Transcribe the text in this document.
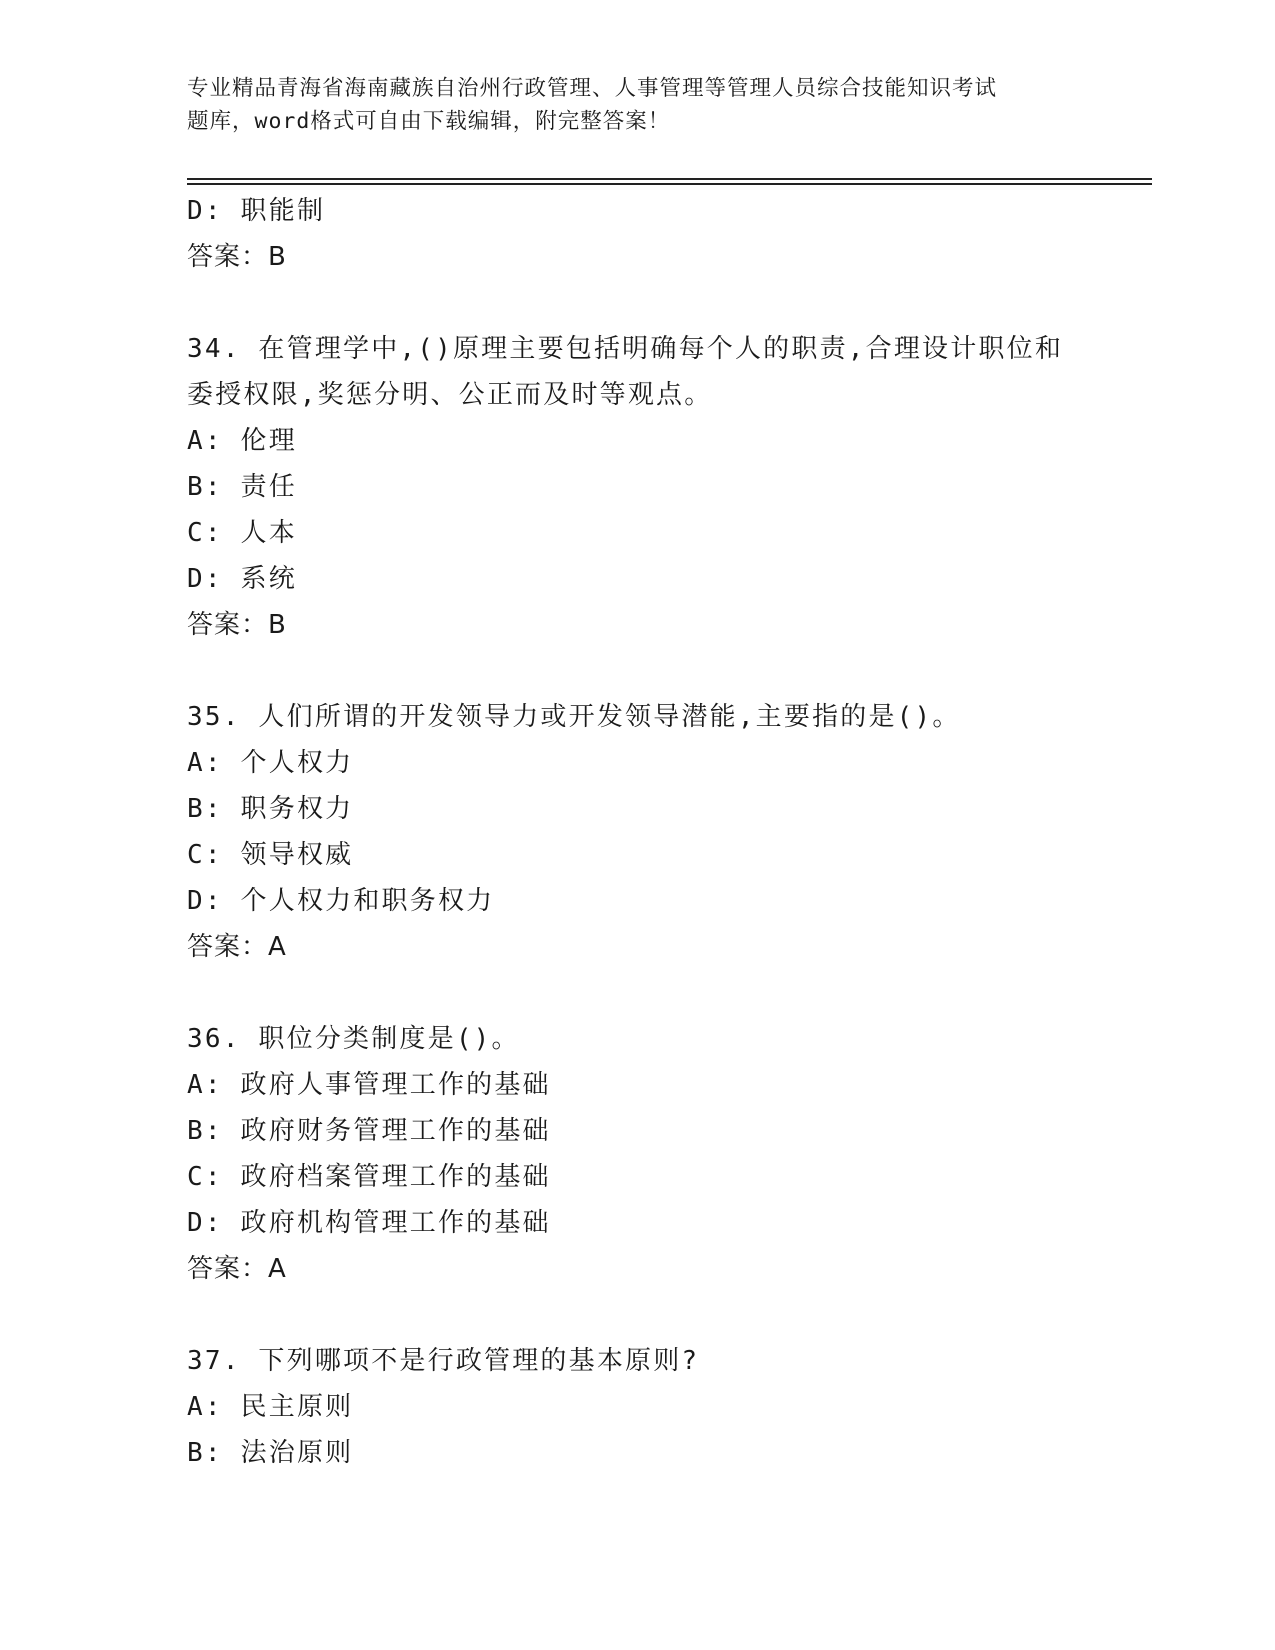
专业精品青海省海南藏族自治州行政管理、人事管理等管理人员综合技能知识考试
题库，word格式可自由下载编辑，附完整答案！
D: 职能制
答案：B
34. 在管理学中,()原理主要包括明确每个人的职责,合理设计职位和
委授权限,奖惩分明、公正而及时等观点。
A: 伦理
B: 责任
C: 人本
D: 系统
答案：B
35. 人们所谓的开发领导力或开发领导潜能,主要指的是()。
A: 个人权力
B: 职务权力
C: 领导权威
D: 个人权力和职务权力
答案：A
36. 职位分类制度是()。
A: 政府人事管理工作的基础
B: 政府财务管理工作的基础
C: 政府档案管理工作的基础
D: 政府机构管理工作的基础
答案：A
37. 下列哪项不是行政管理的基本原则?
A: 民主原则
B: 法治原则
